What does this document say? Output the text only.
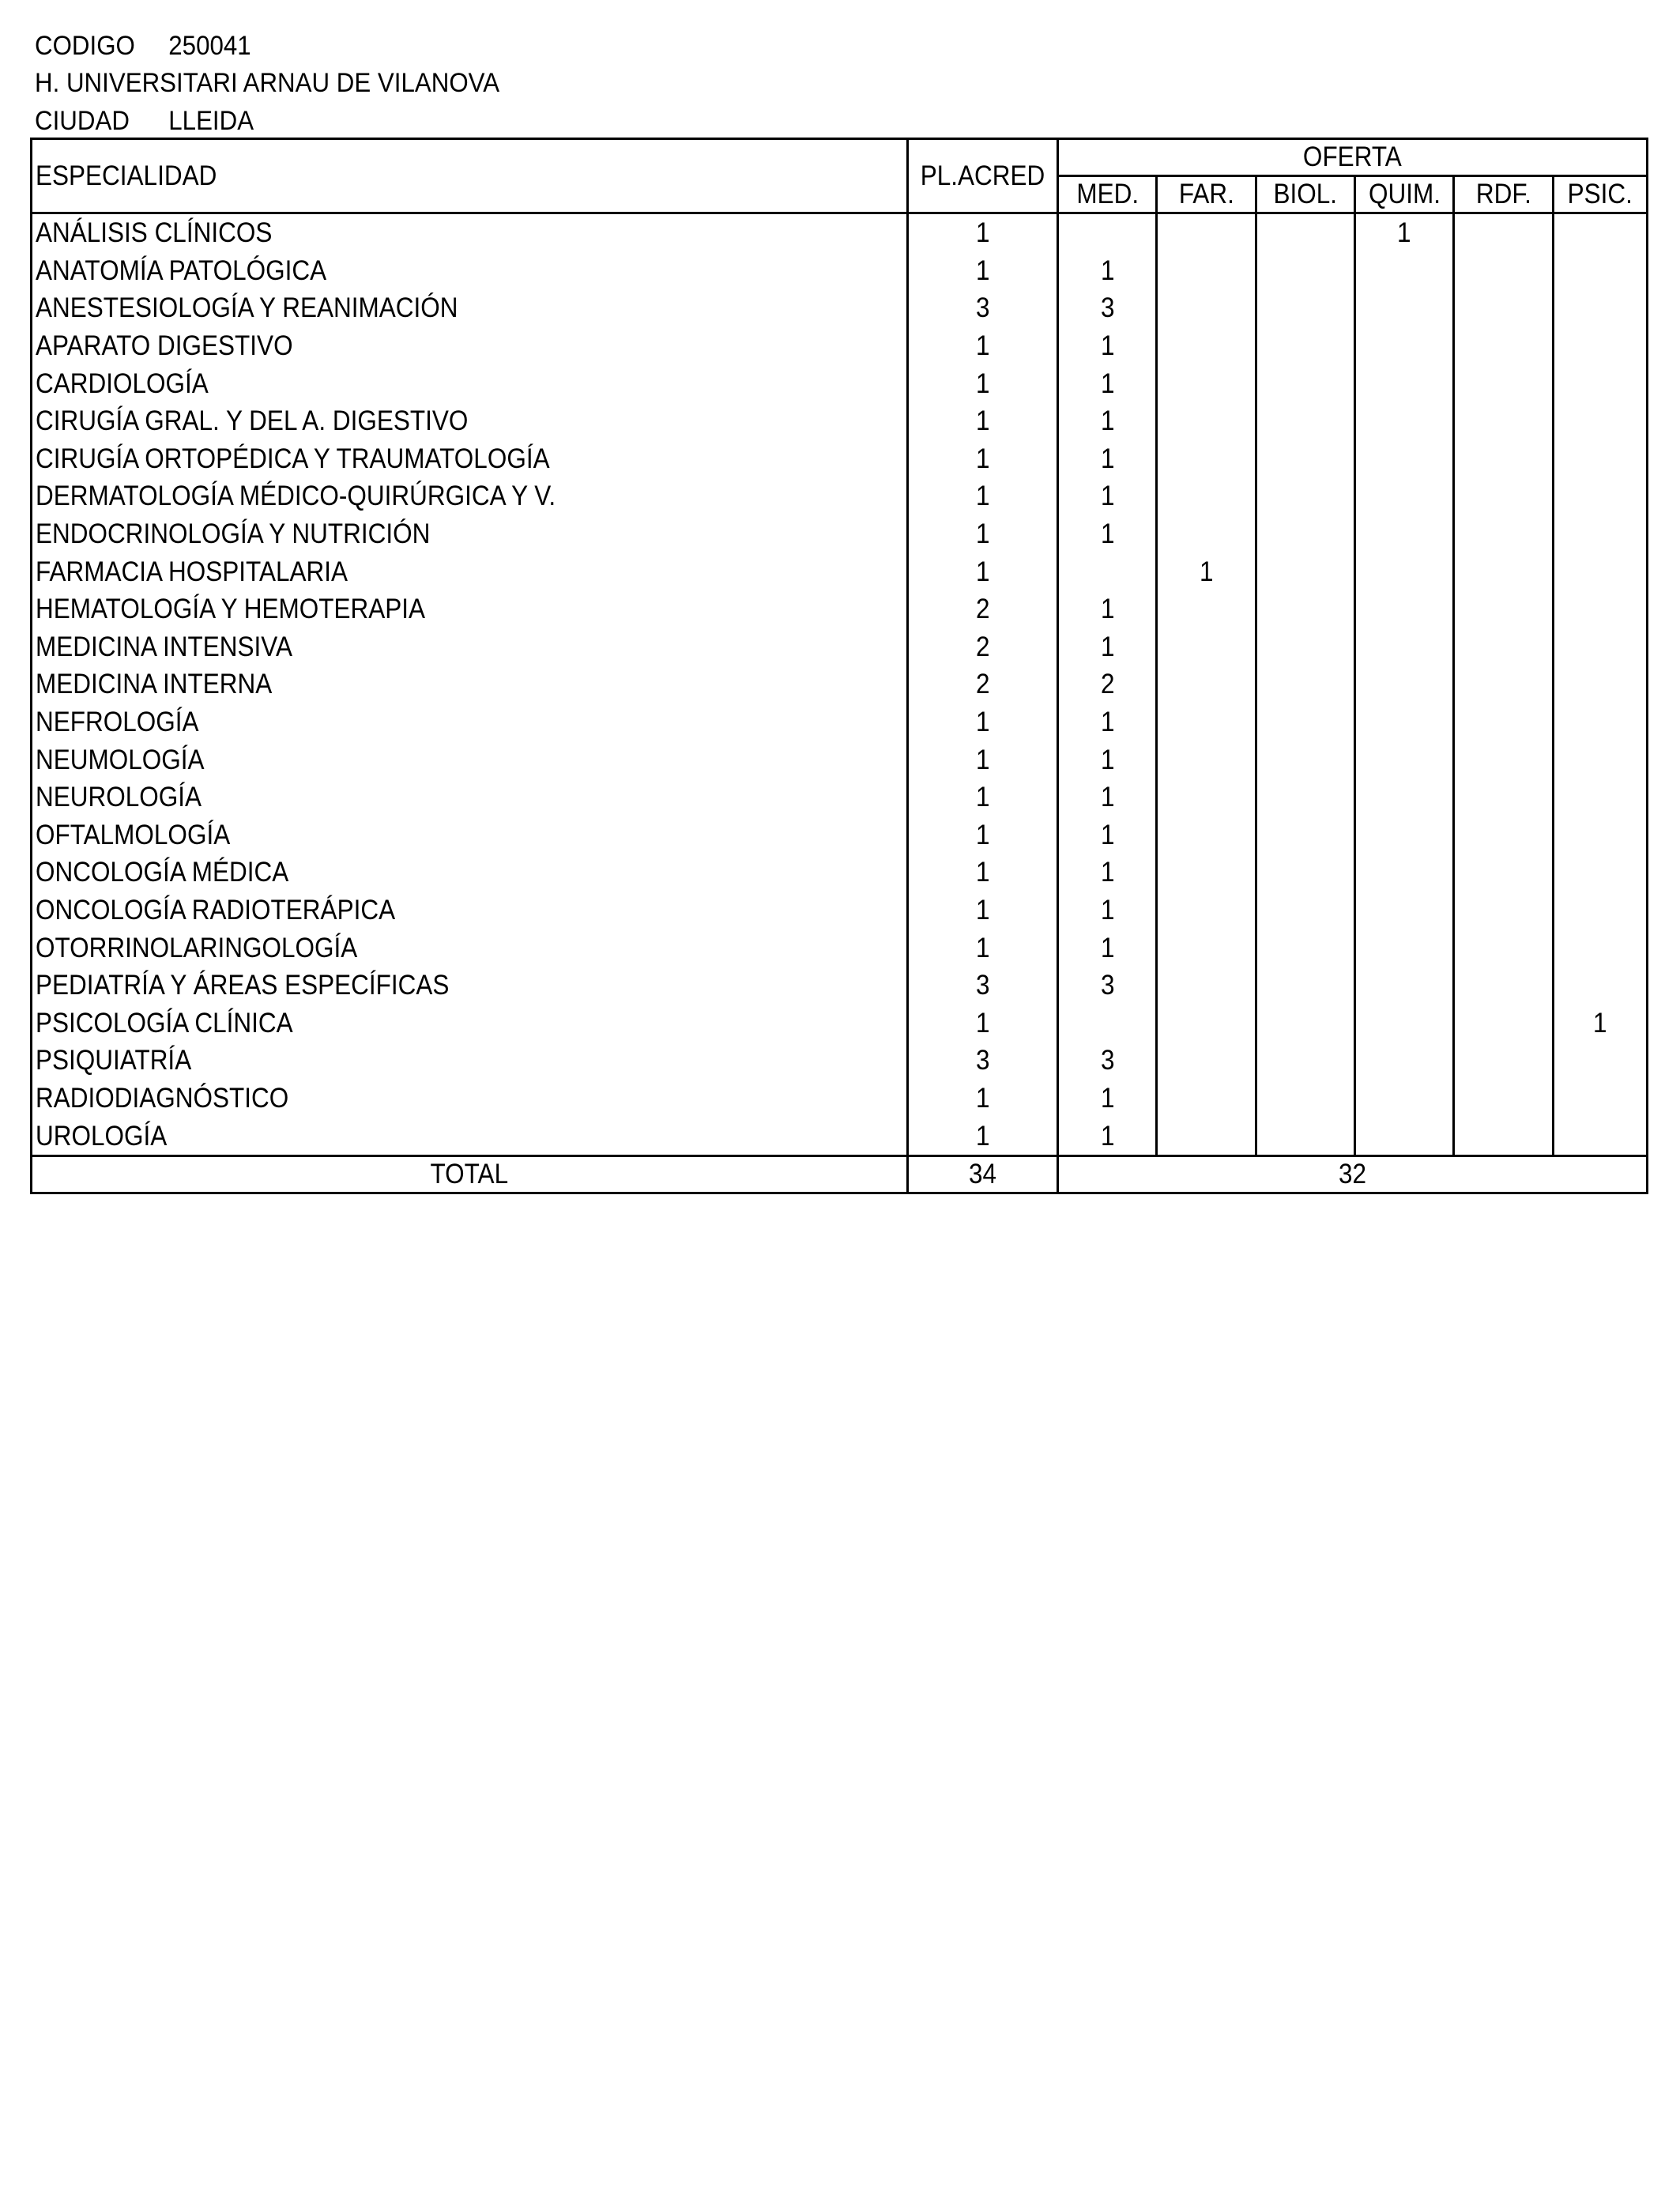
CODIGO 250041
H. UNIVERSITARI ARNAU DE VILANOVA
CIUDAD LLEIDA
ESPECIALIDAD	PL.ACRED	OFERTA					
		MED.	FAR.	BIOL.	QUIM.	RDF.	PSIC.
ANÁLISIS CLÍNICOS	1				1		
ANATOMÍA PATOLÓGICA	1	1					
ANESTESIOLOGÍA Y REANIMACIÓN	3	3					
APARATO DIGESTIVO	1	1					
CARDIOLOGÍA	1	1					
CIRUGÍA GRAL. Y DEL A. DIGESTIVO	1	1					
CIRUGÍA ORTOPÉDICA Y TRAUMATOLOGÍA	1	1					
DERMATOLOGÍA MÉDICO-QUIRÚRGICA Y V.	1	1					
ENDOCRINOLOGÍA Y NUTRICIÓN	1	1					
FARMACIA HOSPITALARIA	1		1				
HEMATOLOGÍA Y HEMOTERAPIA	2	1					
MEDICINA INTENSIVA	2	1					
MEDICINA INTERNA	2	2					
NEFROLOGÍA	1	1					
NEUMOLOGÍA	1	1					
NEUROLOGÍA	1	1					
OFTALMOLOGÍA	1	1					
ONCOLOGÍA MÉDICA	1	1					
ONCOLOGÍA RADIOTERÁPICA	1	1					
OTORRINOLARINGOLOGÍA	1	1					
PEDIATRÍA Y ÁREAS ESPECÍFICAS	3	3					
PSICOLOGÍA CLÍNICA	1						1
PSIQUIATRÍA	3	3					
RADIODIAGNÓSTICO	1	1					
UROLOGÍA	1	1					
TOTAL	34	32					
